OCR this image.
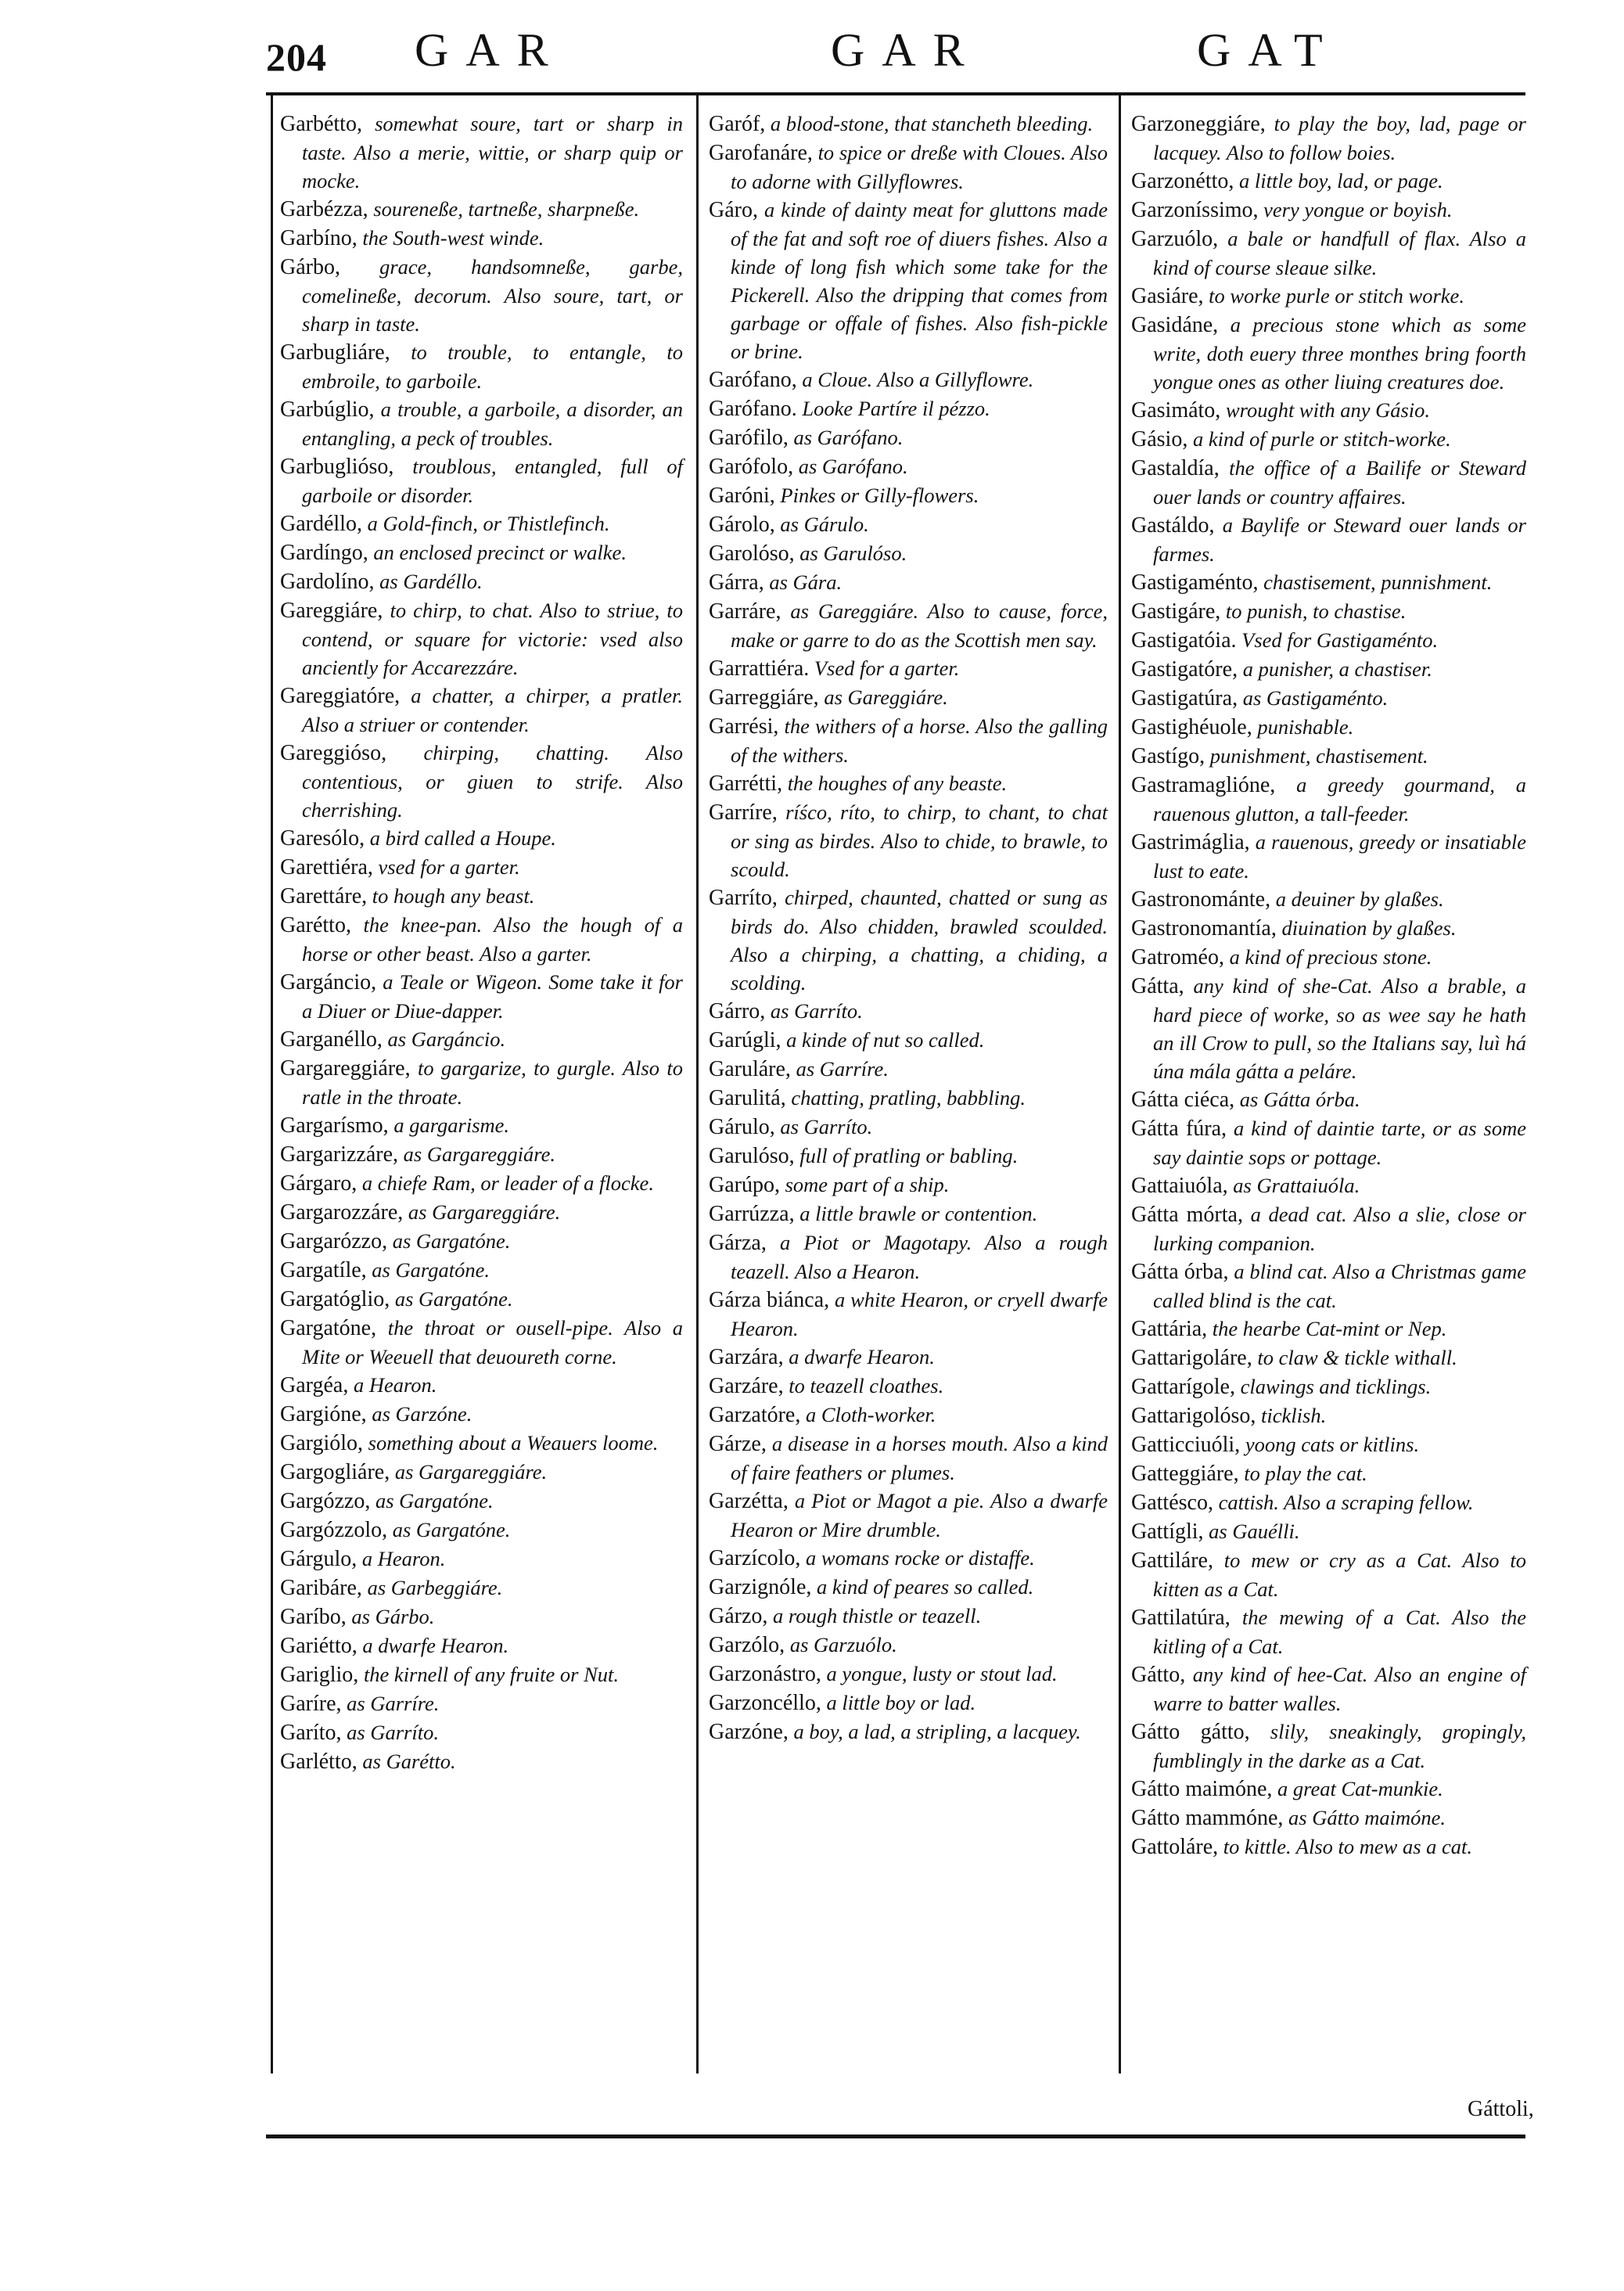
204 GAR	GAR	GAT

Garbétto, somewhat soure, tart or sharp in taste. Also a merie, wittie, or sharp quip or mocke.

Garbézza, soureneße, tartneße, sharpneße.

Garbíno, the South-west winde.

Gárbo, grace, handsomneße, garbe, comelineße, decorum. Also soure, tart, or sharp in taste.

Garbugliáre, to trouble, to entangle, to embroile, to garboile.

Garbúglio, a trouble, a garboile, a disorder, an entangling, a peck of troubles.

Garbuglióso, troublous, entangled, full of garboile or disorder.

Gardéllo, a Gold-finch, or Thistlefinch.

Gardíngo, an enclosed precinct or walke.

Gardolíno, as Gardéllo.

Gareggiáre, to chirp, to chat. Also to striue, to contend, or square for victorie: vsed also anciently for Accarezzáre.

Gareggiatóre, a chatter, a chirper, a pratler. Also a striuer or contender.

Gareggióso, chirping, chatting. Also contentious, or giuen to strife. Also cherrishing.

Garesólo, a bird called a Houpe.

Garettiéra, vsed for a garter.

Garettáre, to hough any beast.

Garétto, the knee-pan. Also the hough of a horse or other beast. Also a garter.

Gargáncio, a Teale or Wigeon. Some take it for a Diuer or Diue-dapper.

Garganéllo, as Gargáncio.

Gargareggiáre, to gargarize, to gurgle. Also to ratle in the throate.

Gargarísmo, a gargarisme.

Gargarizzáre, as Gargareggiáre.

Gárgaro, a chiefe Ram, or leader of a flocke.

Gargarozzáre, as Gargareggiáre.

Gargarózzo, as Gargatóne.

Gargatíle, as Gargatóne.

Gargatóglio, as Gargatóne.

Gargatóne, the throat or ousell-pipe. Also a Mite or Weeuell that deuoureth corne.

Gargéa, a Hearon.

Gargióne, as Garzóne.

Gargiólo, something about a Weauers loome.

Gargogliáre, as Gargareggiáre.

Gargózzo, as Gargatóne.

Gargózzolo, as Gargatóne.

Gárgulo, a Hearon.

Garibáre, as Garbeggiáre.

Garíbo, as Gárbo.

Gariétto, a dwarfe Hearon.

Gariglio, the kirnell of any fruite or Nut.

Garíre, as Garríre.

Garíto, as Garríto.

Garlétto, as Garétto.

Garóf, a blood-stone, that stancheth bleeding.

Garofanáre, to spice or dreße with Cloues. Also to adorne with Gillyflowres.

Gáro, a kinde of dainty meat for gluttons made of the fat and soft roe of diuers fishes. Also a kinde of long fish which some take for the Pickerell. Also the dripping that comes from garbage or offale of fishes. Also fish-pickle or brine.

Garófano, a Cloue. Also a Gillyflowre.

Garófano. Looke Partíre il pézzo.

Garófilo, as Garófano.

Garófolo, as Garófano.

Garóni, Pinkes or Gilly-flowers.

Gárolo, as Gárulo.

Garolóso, as Garulóso.

Gárra, as Gára.

Garráre, as Gareggiáre. Also to cause, force, make or garre to do as the Scottish men say.

Garrattiéra. Vsed for a garter.

Garreggiáre, as Gareggiáre.

Garrési, the withers of a horse. Also the galling of the withers.

Garrétti, the houghes of any beaste.

Garríre, ríśco, ríto, to chirp, to chant, to chat or sing as birdes. Also to chide, to brawle, to scould.

Garríto, chirped, chaunted, chatted or sung as birds do. Also chidden, brawled scoulded. Also a chirping, a chatting, a chiding, a scolding.

Gárro, as Garríto.

Garúgli, a kinde of nut so called.

Garuláre, as Garríre.

Garulitá, chatting, pratling, babbling.

Gárulo, as Garríto.

Garulóso, full of pratling or babling.

Garúpo, some part of a ship.

Garrúzza, a little brawle or contention.

Gárza, a Piot or Magotapy. Also a rough teazell. Also a Hearon.

Gárza biánca, a white Hearon, or cryell dwarfe Hearon.

Garzára, a dwarfe Hearon.

Garzáre, to teazell cloathes.

Garzatóre, a Cloth-worker.

Gárze, a disease in a horses mouth. Also a kind of faire feathers or plumes.

Garzétta, a Piot or Magot a pie. Also a dwarfe Hearon or Mire drumble.

Garzícolo, a womans rocke or distaffe.

Garzignóle, a kind of peares so called.

Gárzo, a rough thistle or teazell.

Garzólo, as Garzuólo.

Garzonástro, a yongue, lusty or stout lad.

Garzoncéllo, a little boy or lad.

Garzóne, a boy, a lad, a stripling, a lacquey.

Garzoneggiáre, to play the boy, lad, page or lacquey. Also to follow boies.

Garzonétto, a little boy, lad, or page.

Garzoníssimo, very yongue or boyish.

Garzuólo, a bale or handfull of flax. Also a kind of course sleaue silke.

Gasiáre, to worke purle or stitch worke.

Gasidáne, a precious stone which as some write, doth euery three monthes bring foorth yongue ones as other liuing creatures doe.

Gasimáto, wrought with any Gásio.

Gásio, a kind of purle or stitch-worke.

Gastaldía, the office of a Bailife or Steward ouer lands or country affaires.

Gastáldo, a Baylife or Steward ouer lands or farmes.

Gastigaménto, chastisement, punnishment.

Gastigáre, to punish, to chastise.

Gastigatóia. Vsed for Gastigaménto.

Gastigatóre, a punisher, a chastiser.

Gastigatúra, as Gastigaménto.

Gastighéuole, punishable.

Gastígo, punishment, chastisement.

Gastramaglióne, a greedy gourmand, a rauenous glutton, a tall-feeder.

Gastrimáglia, a rauenous, greedy or insatiable lust to eate.

Gastronománte, a deuiner by glaßes.

Gastronomantía, diuination by glaßes.

Gatroméo, a kind of precious stone.

Gátta, any kind of she-Cat. Also a brable, a hard piece of worke, so as wee say he hath an ill Crow to pull, so the Italians say, luì há úna mála gátta a peláre.

Gátta ciéca, as Gátta órba.

Gátta fúra, a kind of daintie tarte, or as some say daintie sops or pottage.

Gattaiuóla, as Grattaiuóla.

Gátta mórta, a dead cat. Also a slie, close or lurking companion.

Gátta órba, a blind cat. Also a Christmas game called blind is the cat.

Gattária, the hearbe Cat-mint or Nep.

Gattarigoláre, to claw & tickle withall.

Gattarígole, clawings and ticklings.

Gattarigolóso, ticklish.

Gatticciuóli, yoong cats or kitlins.

Gatteggiáre, to play the cat.

Gattésco, cattish. Also a scraping fellow.

Gattígli, as Gauélli.

Gattiláre, to mew or cry as a Cat. Also to kitten as a Cat.

Gattilatúra, the mewing of a Cat. Also the kitling of a Cat.

Gátto, any kind of hee-Cat. Also an engine of warre to batter walles.

Gátto gátto, slily, sneakingly, gropingly, fumblingly in the darke as a Cat.

Gátto maimóne, a great Cat-munkie.

Gátto mammóne, as Gátto maimóne.

Gattoláre, to kittle. Also to mew as a cat.

Gáttoli,
